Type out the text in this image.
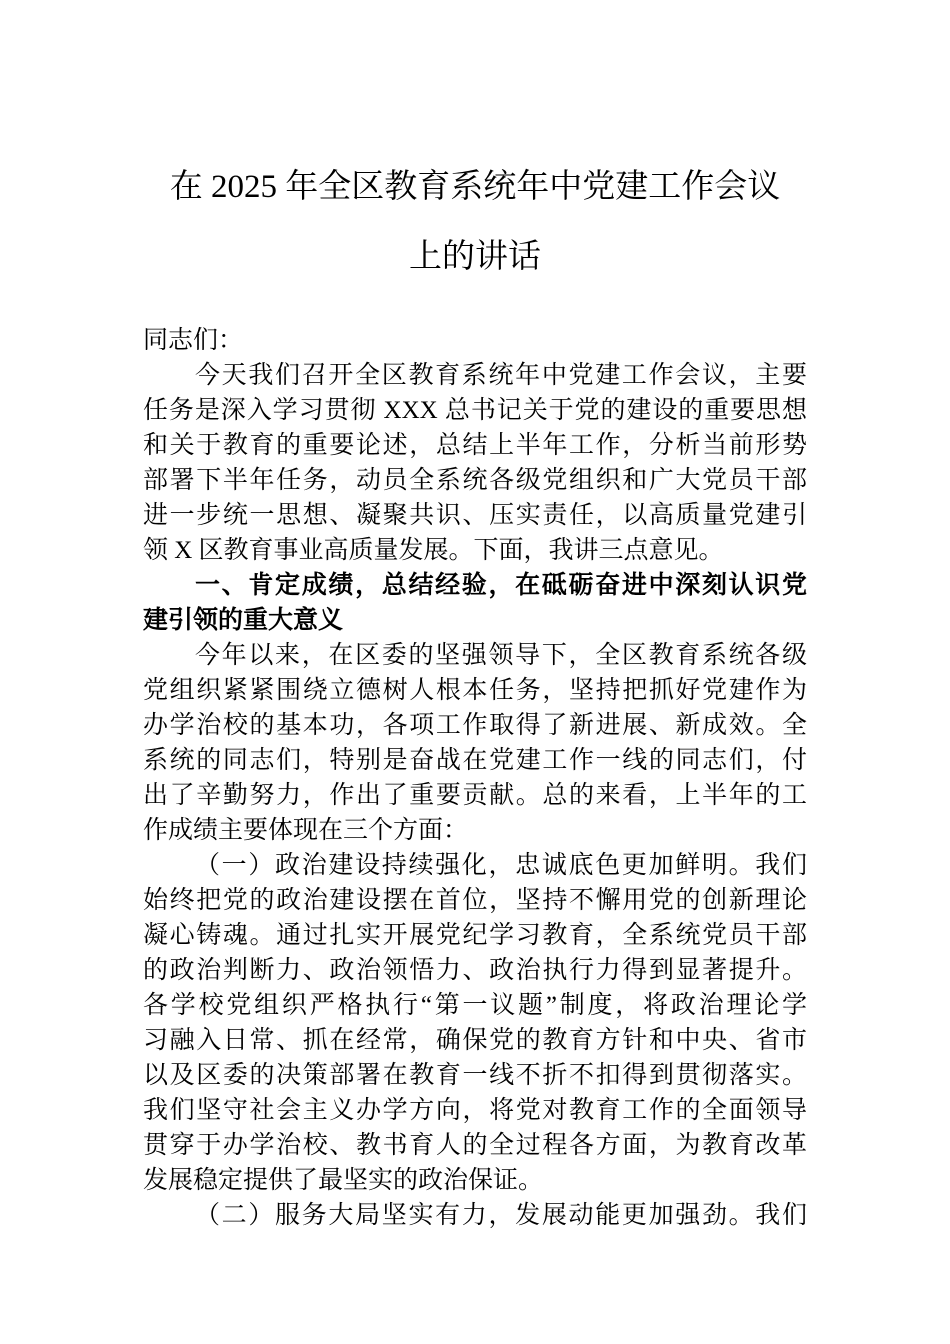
在 2025 年全区教育系统年中党建工作会议
上的讲话
同志们：
今天我们召开全区教育系统年中党建工作会议，主要
任务是深入学习贯彻 XXX 总书记关于党的建设的重要思想
和关于教育的重要论述，总结上半年工作，分析当前形势
部署下半年任务，动员全系统各级党组织和广大党员干部
进一步统一思想、凝聚共识、压实责任，以高质量党建引
领 X 区教育事业高质量发展。下面，我讲三点意见。
一、肯定成绩，总结经验，在砥砺奋进中深刻认识党
建引领的重大意义
今年以来，在区委的坚强领导下，全区教育系统各级
党组织紧紧围绕立德树人根本任务，坚持把抓好党建作为
办学治校的基本功，各项工作取得了新进展、新成效。全
系统的同志们，特别是奋战在党建工作一线的同志们，付
出了辛勤努力，作出了重要贡献。总的来看，上半年的工
作成绩主要体现在三个方面：
（一）政治建设持续强化，忠诚底色更加鲜明。我们
始终把党的政治建设摆在首位，坚持不懈用党的创新理论
凝心铸魂。通过扎实开展党纪学习教育，全系统党员干部
的政治判断力、政治领悟力、政治执行力得到显著提升。
各学校党组织严格执行“第一议题”制度，将政治理论学
习融入日常、抓在经常，确保党的教育方针和中央、省市
以及区委的决策部署在教育一线不折不扣得到贯彻落实。
我们坚守社会主义办学方向，将党对教育工作的全面领导
贯穿于办学治校、教书育人的全过程各方面，为教育改革
发展稳定提供了最坚实的政治保证。
（二）服务大局坚实有力，发展动能更加强劲。我们
